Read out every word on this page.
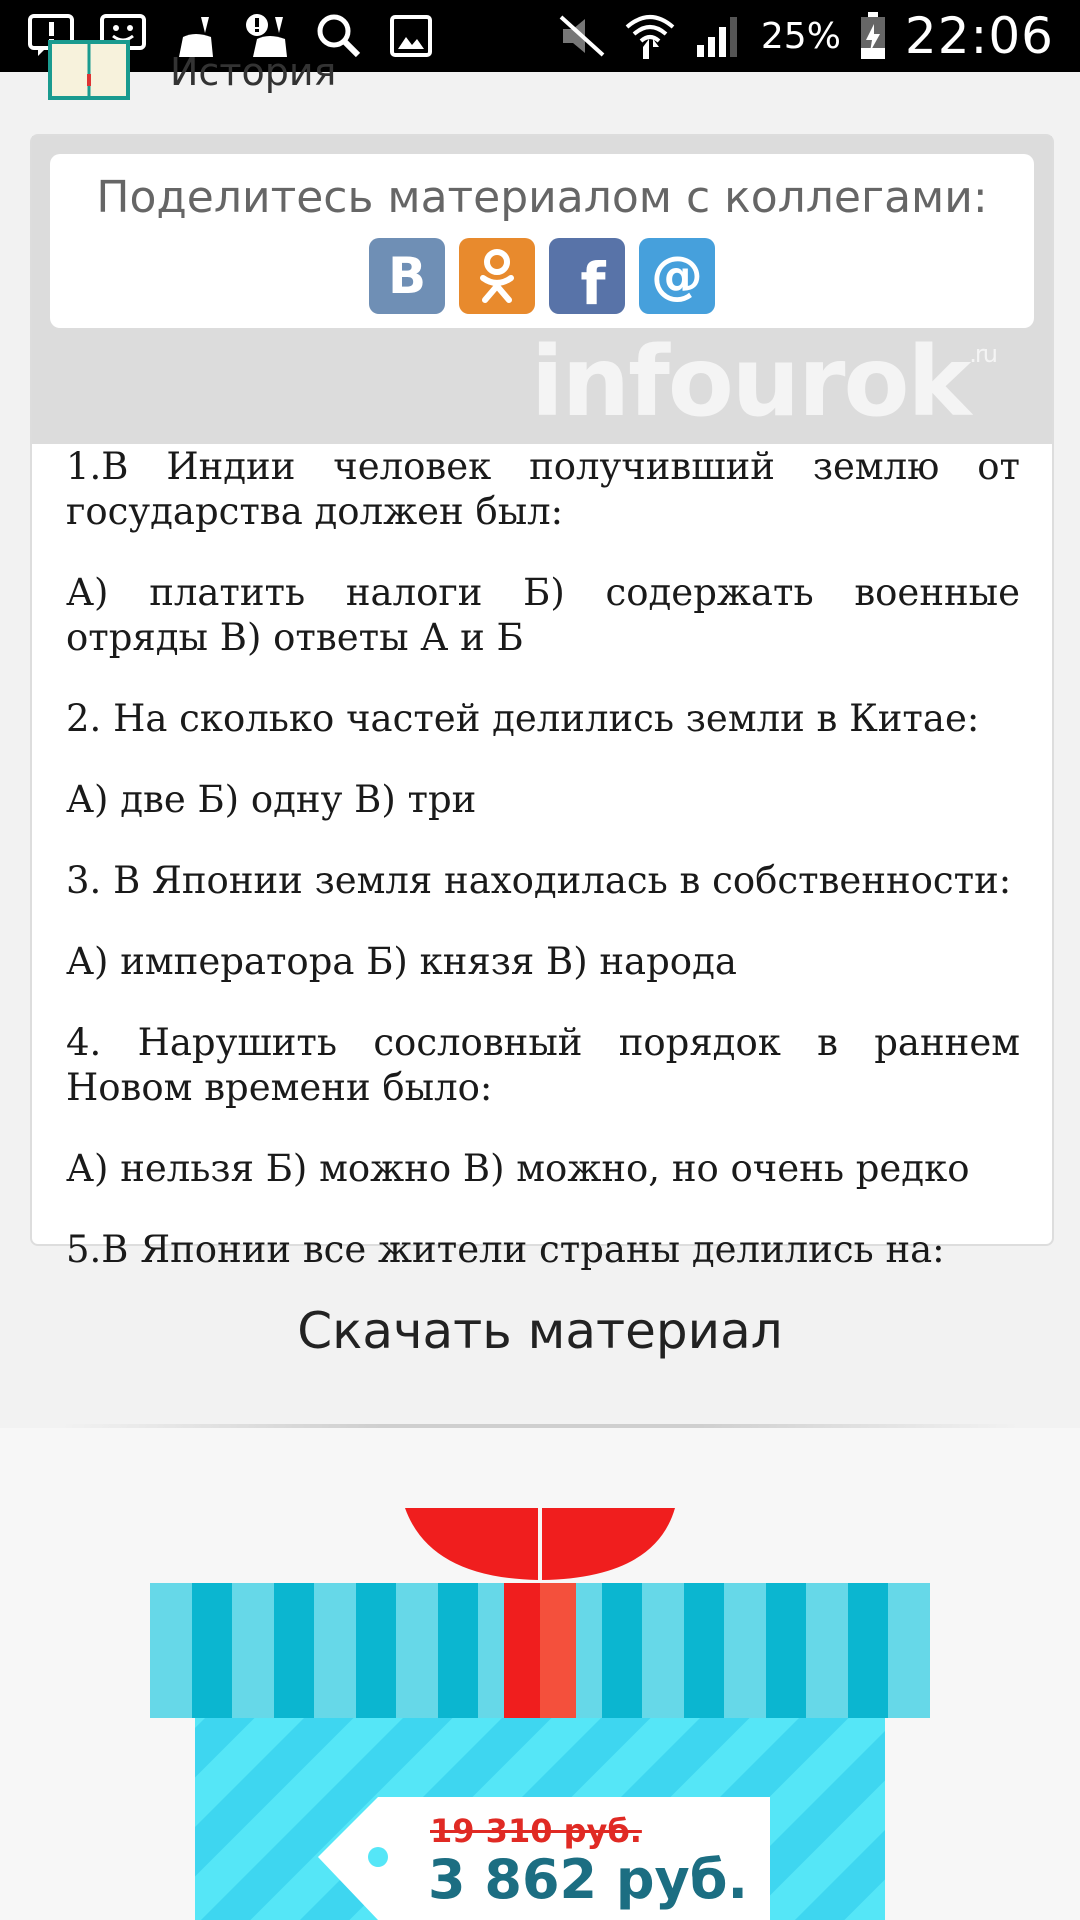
25% 22:06
История
Поделитесь материалом с коллегами:
B	f @
infourok$^{.ru}$

1.В Индии человек получивший землю от государства должен был:

А) платить налоги Б) содержать военные отряды В) ответы А и Б

2. На сколько частей делились земли в Китае:

А) две Б) одну В) три

3. В Японии земля находилась в собственности:

А) императора Б) князя В) народа

4. Нарушить сословный порядок в раннем Новом времени было:

А) нельзя Б) можно В) можно, но очень редко

5.В Японии все жители страны делились на:

Скачать материал
19 310 руб.
3 862 руб.
